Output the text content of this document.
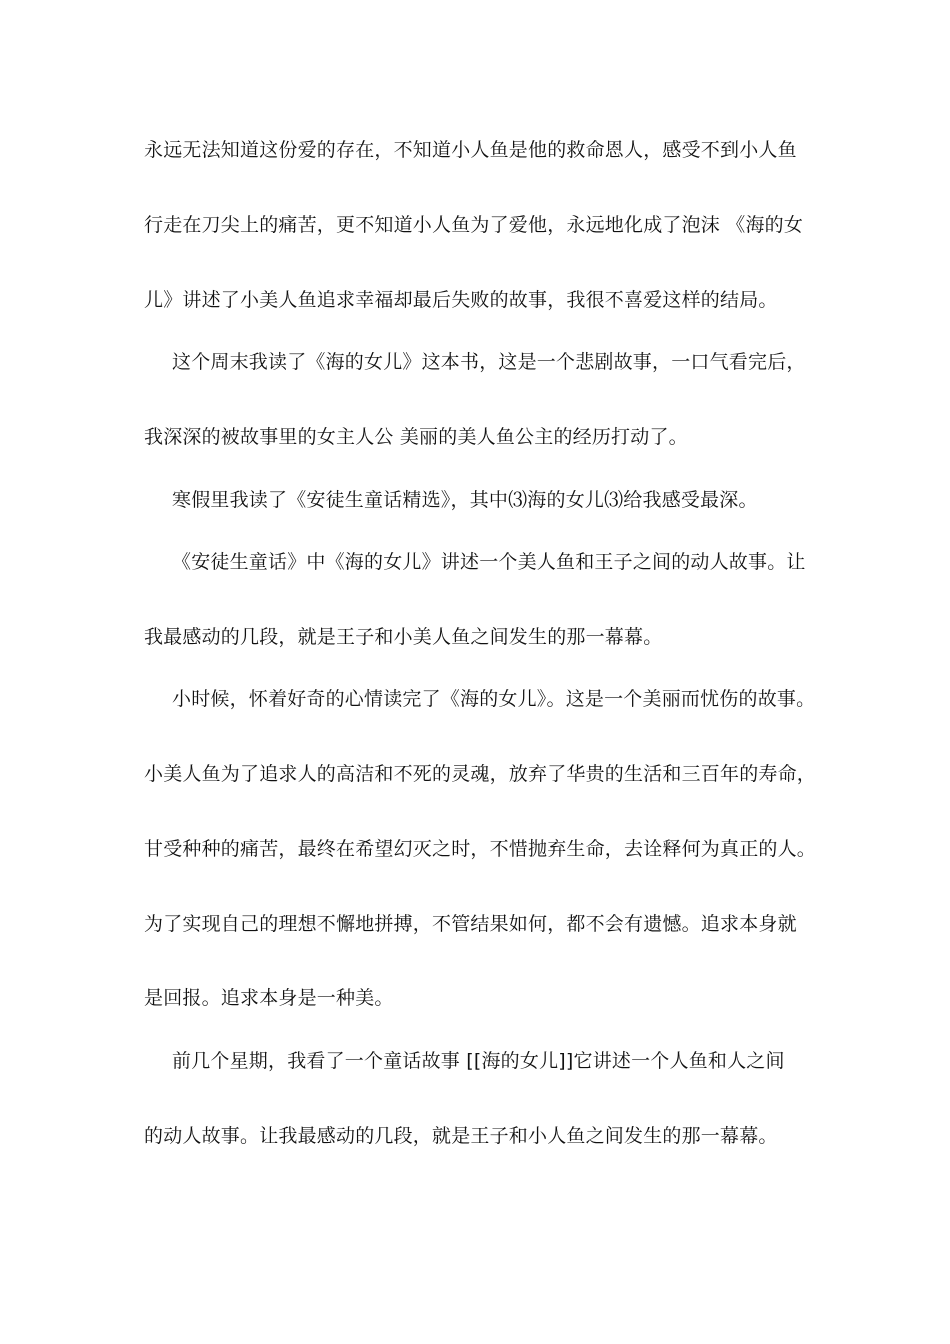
永远无法知道这份爱的存在，不知道小人鱼是他的救命恩人，感受不到小人鱼
行走在刀尖上的痛苦，更不知道小人鱼为了爱他，永远地化成了泡沫 《海的女
儿》讲述了小美人鱼追求幸福却最后失败的故事，我很不喜爱这样的结局。
这个周末我读了《海的女儿》这本书，这是一个悲剧故事，一口气看完后，
我深深的被故事里的女主人公 美丽的美人鱼公主的经历打动了。
寒假里我读了《安徒生童话精选》，其中⑶海的女儿⑶给我感受最深。
《安徒生童话》中《海的女儿》讲述一个美人鱼和王子之间的动人故事。让
我最感动的几段，就是王子和小美人鱼之间发生的那一幕幕。
小时候，怀着好奇的心情读完了《海的女儿》。这是一个美丽而忧伤的故事。
小美人鱼为了追求人的高洁和不死的灵魂，放弃了华贵的生活和三百年的寿命，
甘受种种的痛苦，最终在希望幻灭之时，不惜抛弃生命，去诠释何为真正的人。
为了实现自己的理想不懈地拼搏，不管结果如何，都不会有遗憾。追求本身就
是回报。追求本身是一种美。
前几个星期，我看了一个童话故事 [[海的女儿]]它讲述一个人鱼和人之间
的动人故事。让我最感动的几段，就是王子和小人鱼之间发生的那一幕幕。
